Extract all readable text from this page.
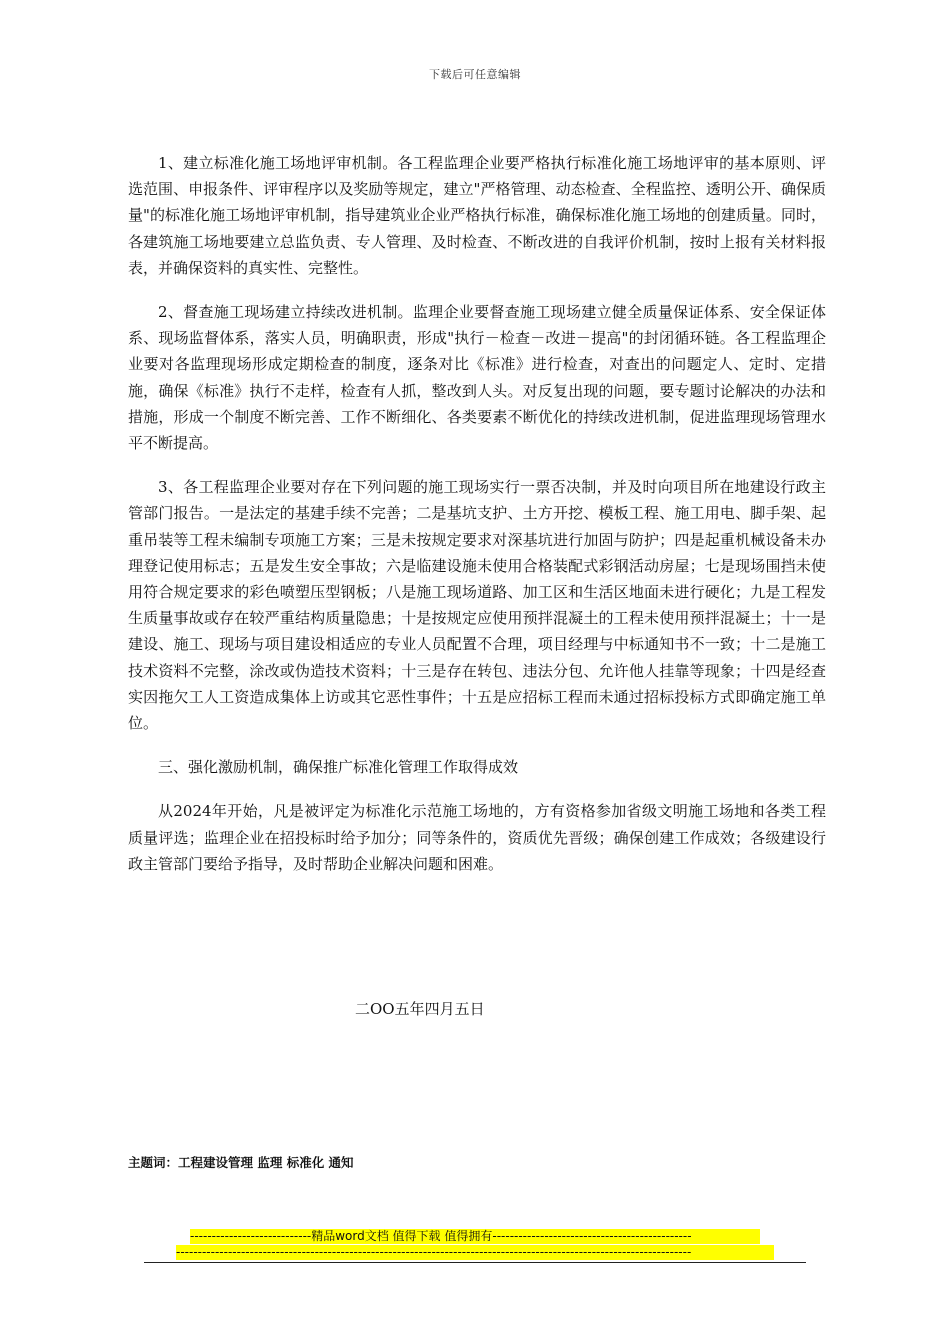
下载后可任意编辑

1、建立标准化施工场地评审机制。各工程监理企业要严格执行标准化施工场地评审的基本原则、评选范围、申报条件、评审程序以及奖励等规定，建立"严格管理、动态检查、全程监控、透明公开、确保质量"的标准化施工场地评审机制，指导建筑业企业严格执行标准，确保标准化施工场地的创建质量。同时，各建筑施工场地要建立总监负责、专人管理、及时检查、不断改进的自我评价机制，按时上报有关材料报表，并确保资料的真实性、完整性。

2、督查施工现场建立持续改进机制。监理企业要督查施工现场建立健全质量保证体系、安全保证体系、现场监督体系，落实人员，明确职责，形成"执行－检查－改进－提高"的封闭循环链。各工程监理企业要对各监理现场形成定期检查的制度，逐条对比《标准》进行检查，对查出的问题定人、定时、定措施，确保《标准》执行不走样，检查有人抓，整改到人头。对反复出现的问题，要专题讨论解决的办法和措施，形成一个制度不断完善、工作不断细化、各类要素不断优化的持续改进机制，促进监理现场管理水平不断提高。

3、各工程监理企业要对存在下列问题的施工现场实行一票否决制，并及时向项目所在地建设行政主管部门报告。一是法定的基建手续不完善；二是基坑支护、土方开挖、模板工程、施工用电、脚手架、起重吊装等工程未编制专项施工方案；三是未按规定要求对深基坑进行加固与防护；四是起重机械设备未办理登记使用标志；五是发生安全事故；六是临建设施未使用合格装配式彩钢活动房屋；七是现场围挡未使用符合规定要求的彩色喷塑压型钢板；八是施工现场道路、加工区和生活区地面未进行硬化；九是工程发生质量事故或存在较严重结构质量隐患；十是按规定应使用预拌混凝土的工程未使用预拌混凝土；十一是建设、施工、现场与项目建设相适应的专业人员配置不合理，项目经理与中标通知书不一致；十二是施工技术资料不完整，涂改或伪造技术资料；十三是存在转包、违法分包、允许他人挂靠等现象；十四是经查实因拖欠工人工资造成集体上访或其它恶性事件；十五是应招标工程而未通过招标投标方式即确定施工单位。

三、强化激励机制，确保推广标准化管理工作取得成效

从2024年开始，凡是被评定为标准化示范施工场地的，方有资格参加省级文明施工场地和各类工程质量评选；监理企业在招投标时给予加分；同等条件的，资质优先晋级；确保创建工作成效；各级建设行政主管部门要给予指导，及时帮助企业解决问题和困难。

二OO五年四月五日
主题词：工程建设管理 监理 标准化 通知
----------------------------精品word文档 值得下载 值得拥有----------------------------------------------
-----------------------------------------------------------------------------------------------------------------------
